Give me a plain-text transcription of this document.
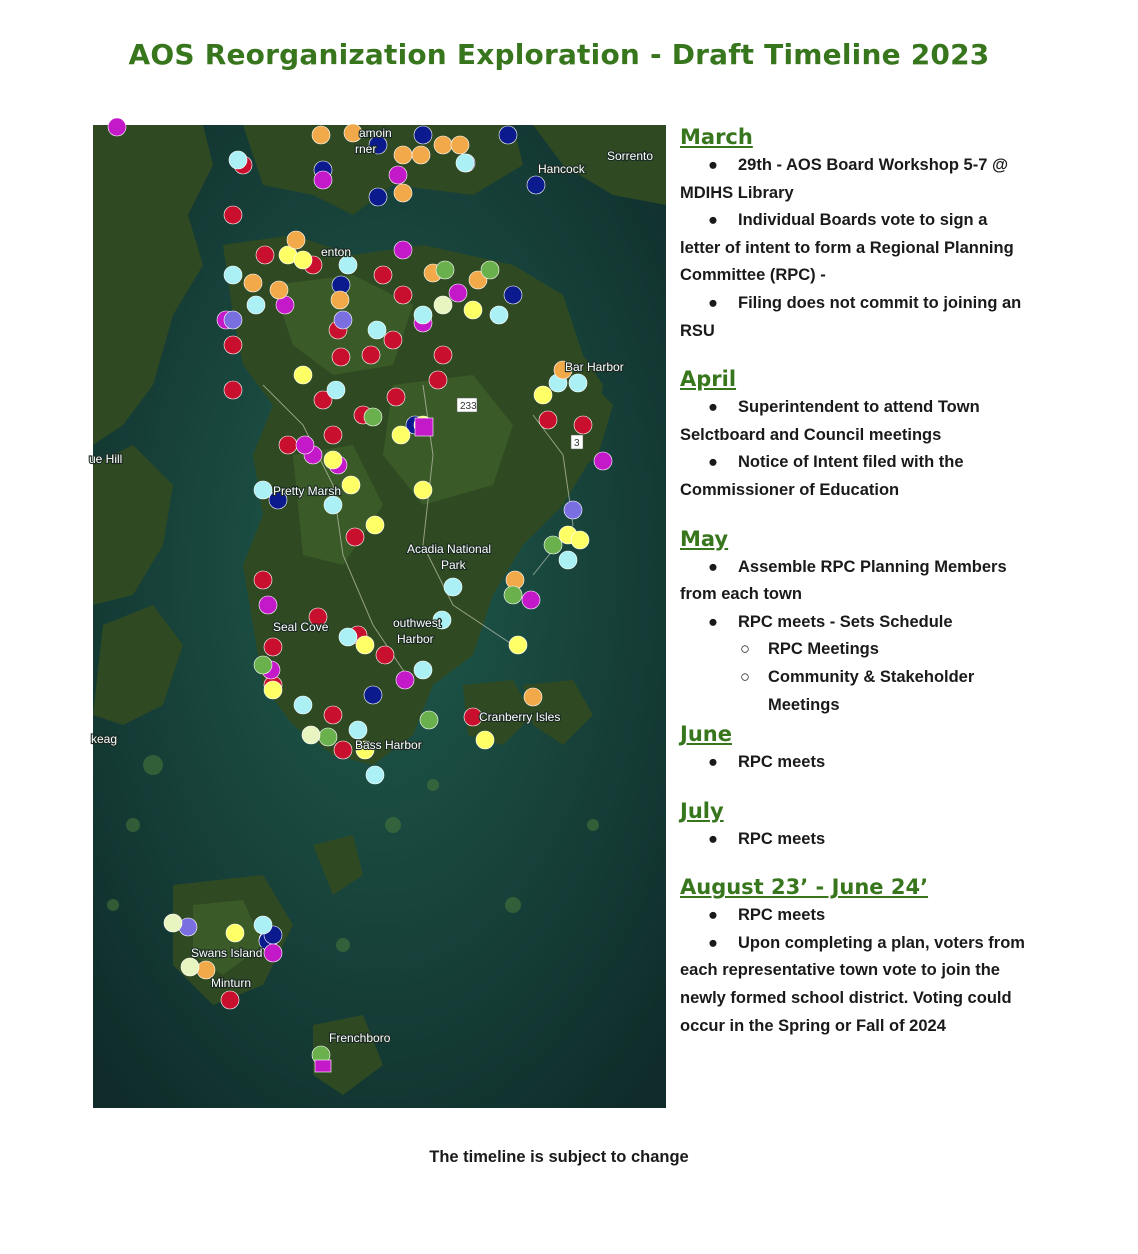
AOS Reorganization Exploration - Draft Timeline 2023
233
3
amoin
rner
Hancock
Sorrento
enton
Bar Harbor
ue Hill
Pretty Marsh
Acadia National
Park
Seal Cove	outhwest
Harbor
Cranberry Isles
keag	Bass Harbor
Swans Island
Minturn
Frenchboro

March

● 29th - AOS Board Workshop 5-7 @ MDIHS Library

● Individual Boards vote to sign a letter of intent to form a Regional Planning Committee (RPC) -

● Filing does not commit to joining an RSU

April

● Superintendent to attend Town Selctboard and Council meetings

● Notice of Intent filed with the Commissioner of Education

May

● Assemble RPC Planning Members from each town

● RPC meets - Sets Schedule

○ RPC Meetings

○ Community & Stakeholder Meetings

June

● RPC meets

July

● RPC meets

August 23’ - June 24’

● RPC meets

● Upon completing a plan, voters from each representative town vote to join the newly formed school district. Voting could occur in the Spring or Fall of 2024

The timeline is subject to change
